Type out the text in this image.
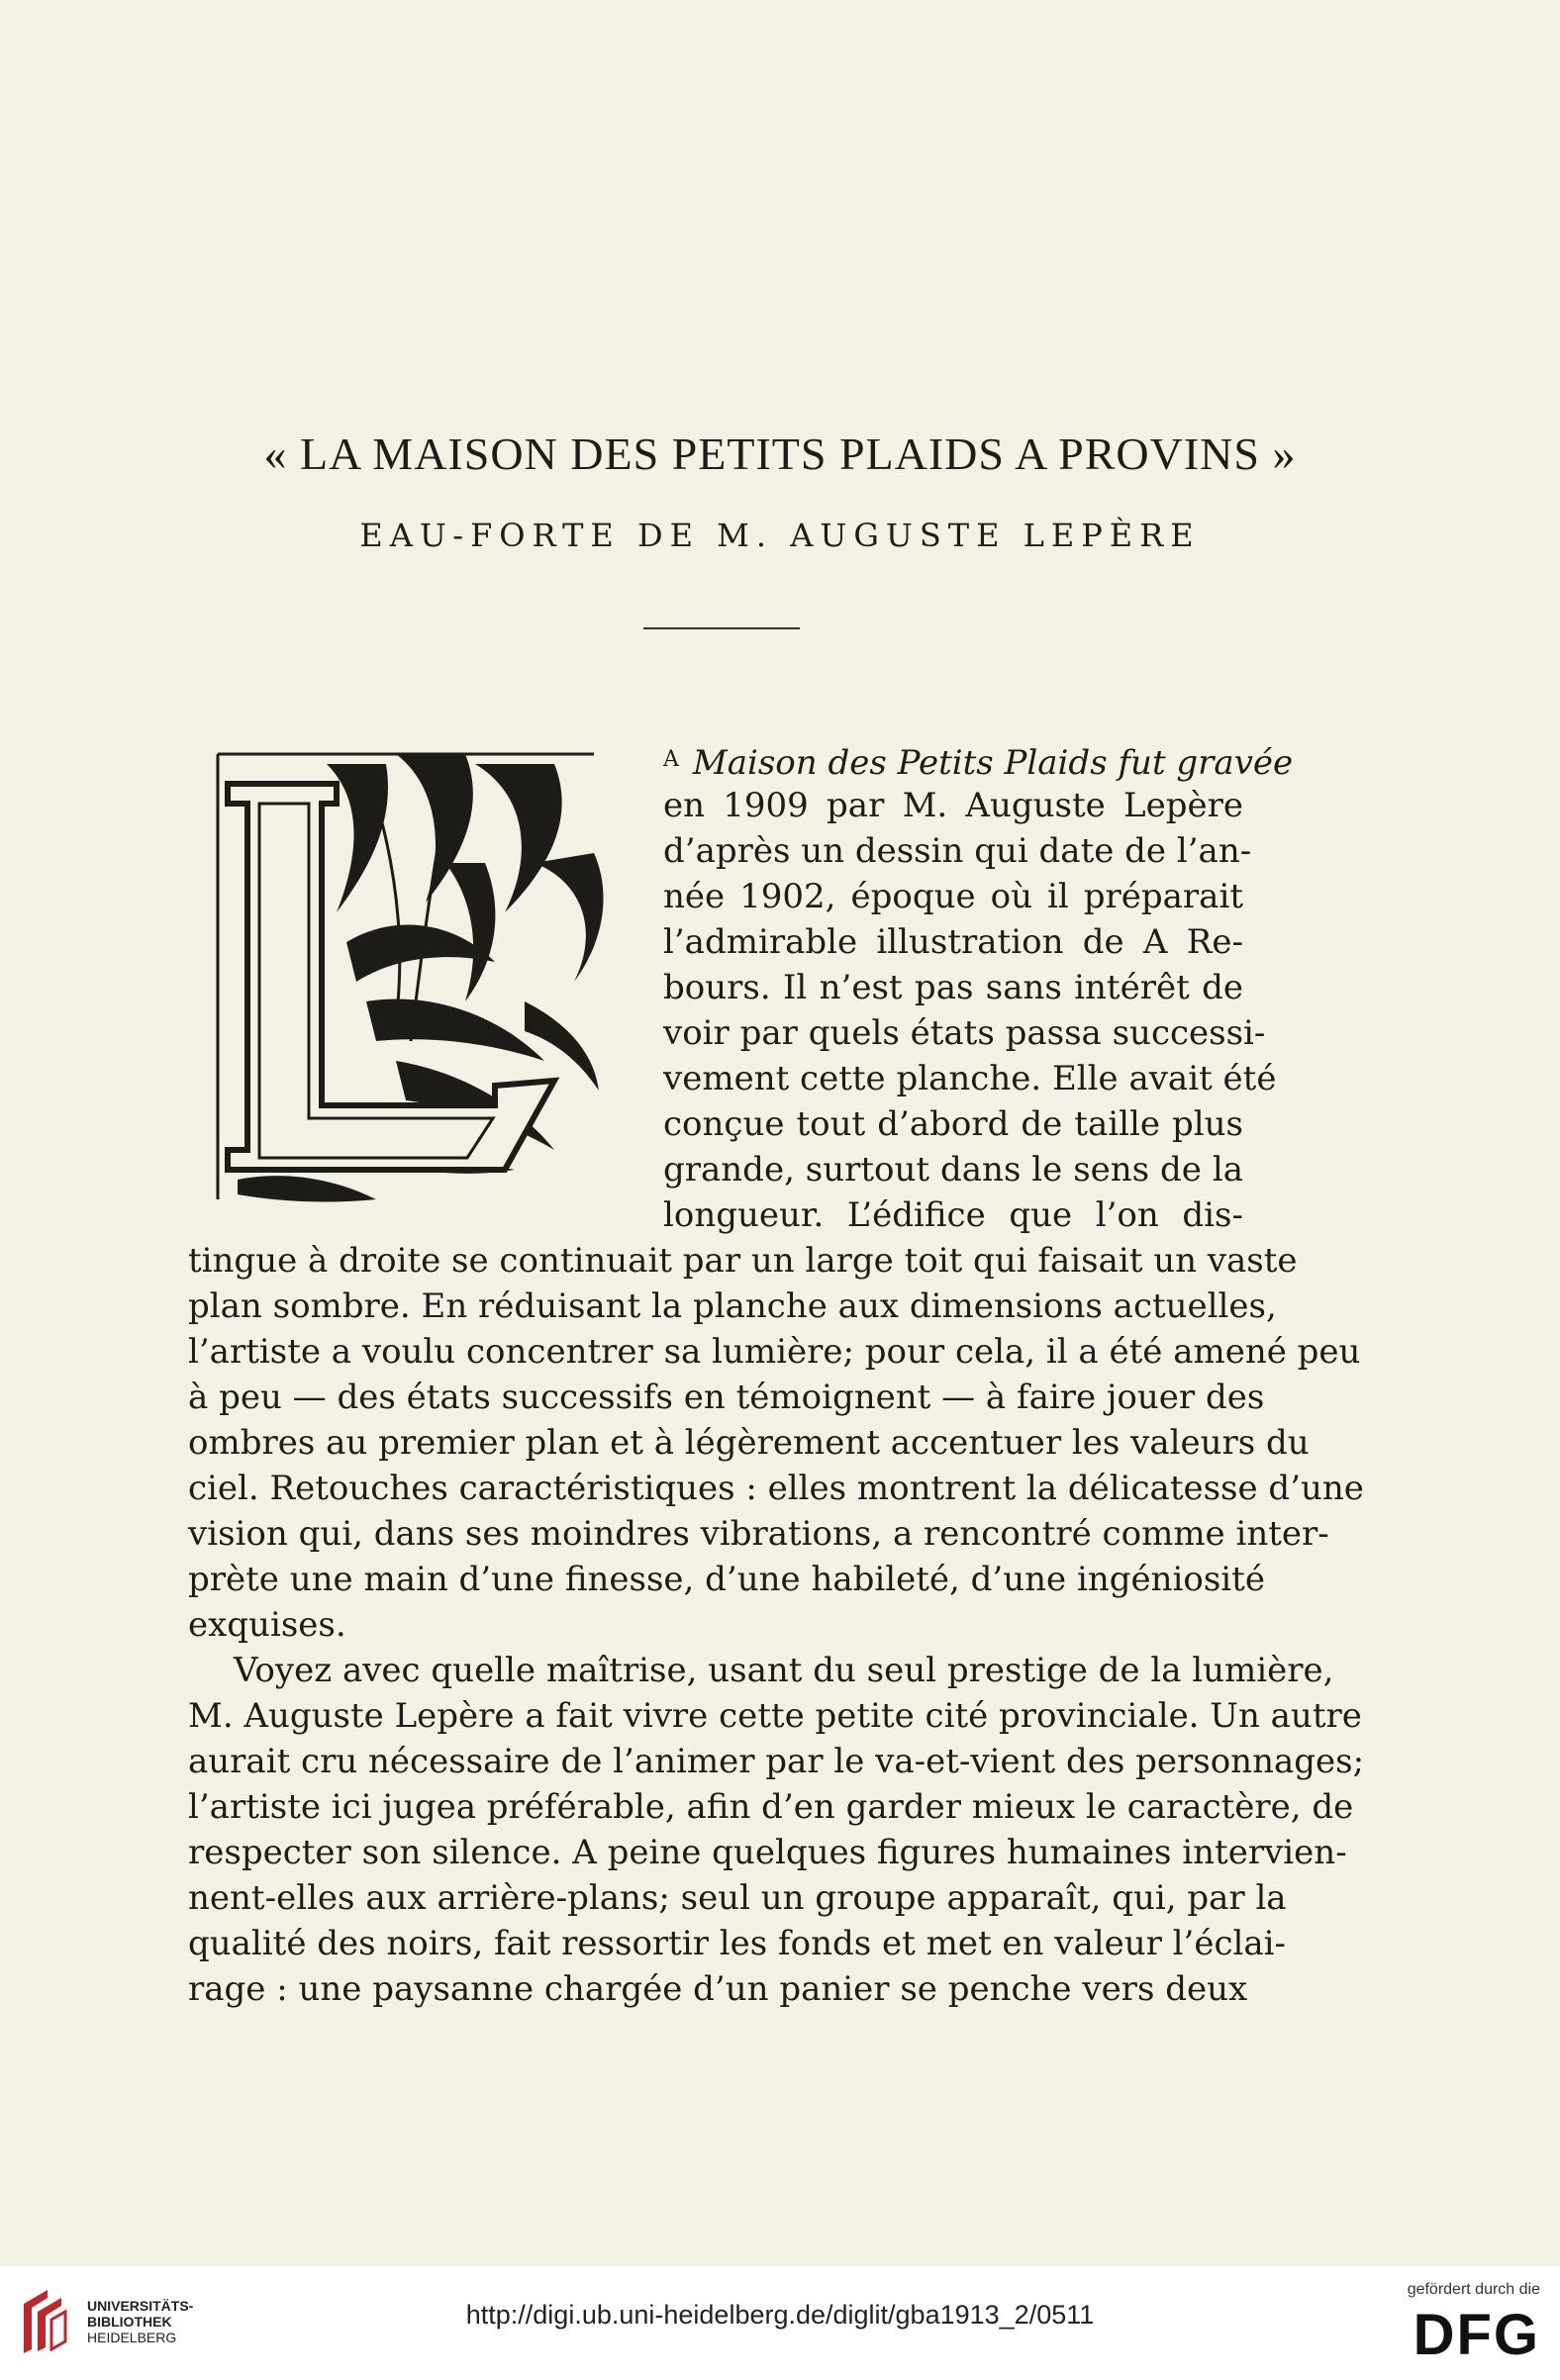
« LA MAISON DES PETITS PLAIDS A PROVINS »
EAU-FORTE DE M. AUGUSTE LEPÈRE

$^A$ Maison des Petits Plaids fut gravée

en 1909 par M. Auguste Lepère

d’après un dessin qui date de l’an-

née 1902, époque où il préparait

l’admirable illustration de A Re-

bours. Il n’est pas sans intérêt de

voir par quels états passa successi-

vement cette planche. Elle avait été

conçue tout d’abord de taille plus

grande, surtout dans le sens de la

longueur. L’édifice que l’on dis-

tingue à droite se continuait par un large toit qui faisait un vaste

plan sombre. En réduisant la planche aux dimensions actuelles,

l’artiste a voulu concentrer sa lumière; pour cela, il a été amené peu

à peu — des états successifs en témoignent — à faire jouer des

ombres au premier plan et à légèrement accentuer les valeurs du

ciel. Retouches caractéristiques : elles montrent la délicatesse d’une

vision qui, dans ses moindres vibrations, a rencontré comme inter-

prète une main d’une finesse, d’une habileté, d’une ingéniosité

exquises.

Voyez avec quelle maîtrise, usant du seul prestige de la lumière,

M. Auguste Lepère a fait vivre cette petite cité provinciale. Un autre

aurait cru nécessaire de l’animer par le va-et-vient des personnages;

l’artiste ici jugea préférable, afin d’en garder mieux le caractère, de

respecter son silence. A peine quelques figures humaines intervien-

nent-elles aux arrière-plans; seul un groupe apparaît, qui, par la

qualité des noirs, fait ressortir les fonds et met en valeur l’éclai-

rage : une paysanne chargée d’un panier se penche vers deux

UNIVERSITÄTS-
BIBLIOTHEK
HEIDELBERG

http://digi.ub.uni-heidelberg.de/diglit/gba1913_2/0511

gefördert durch die

DFG
